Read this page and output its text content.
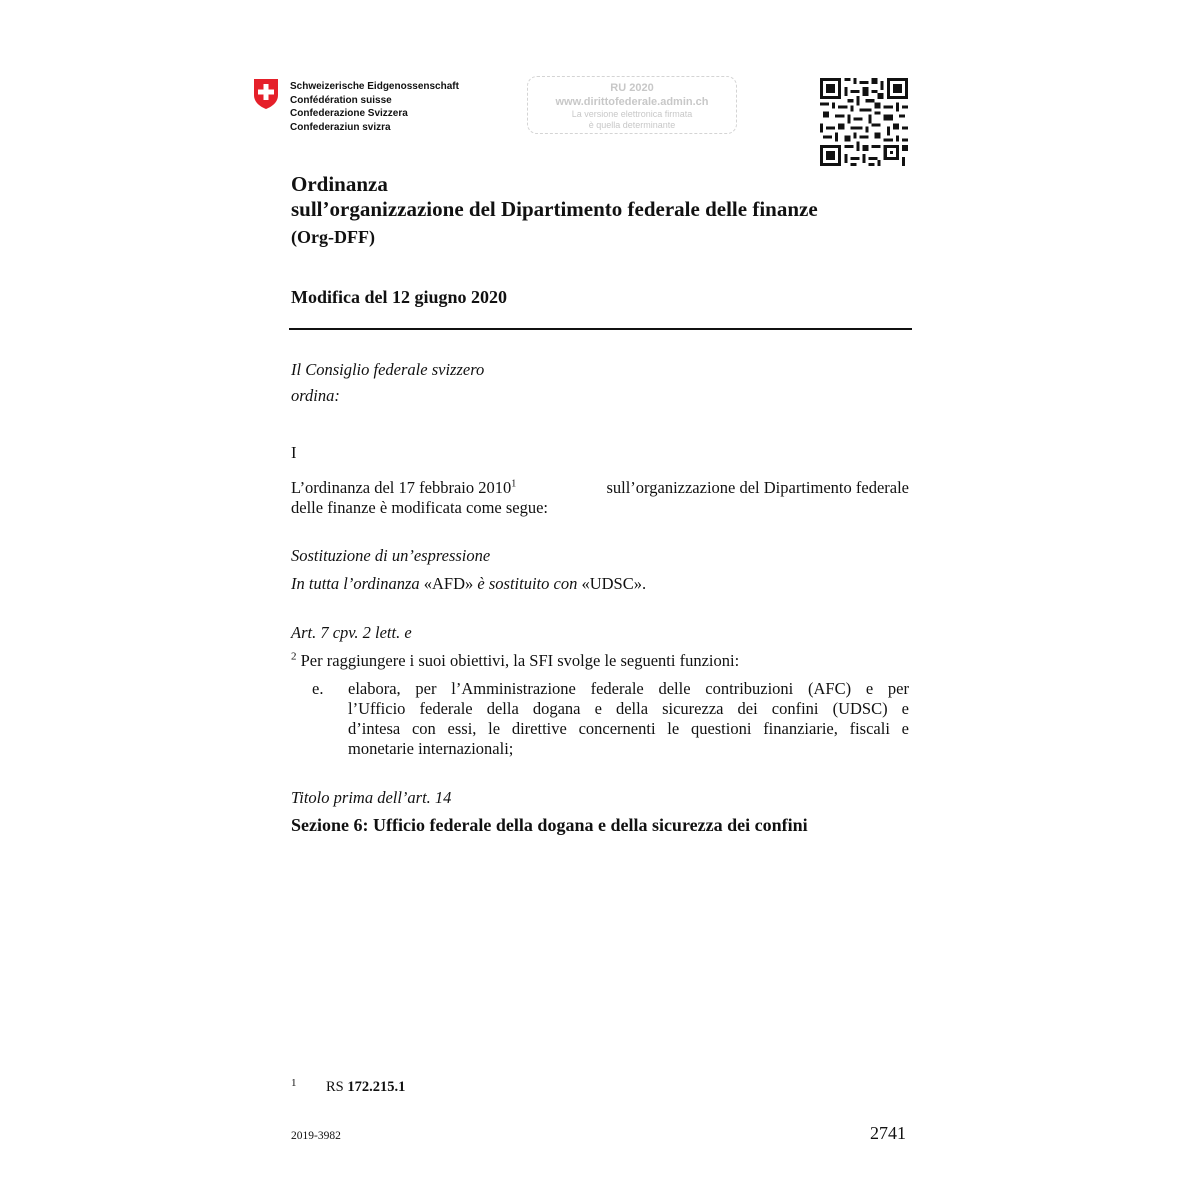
Schweizerische Eidgenossenschaft
Confédération suisse
Confederazione Svizzera
Confederaziun svizra
RU 2020
www.dirittofederale.admin.ch
La versione elettronica firmata
è quella determinante
Ordinanza
sull’organizzazione del Dipartimento federale delle finanze
(Org-DFF)
Modifica del 12 giugno 2020
Il Consiglio federale svizzero
ordina:
I
L’ordinanza del 17 febbraio 2010$^1$	sull’organizzazione del Dipartimento federale
delle finanze è modificata come segue:
Sostituzione di un’espressione
In tutta l’ordinanza «AFD» è sostituito con «UDSC».
Art. 7 cpv. 2 lett. e
$^2$ Per raggiungere i suoi obiettivi, la SFI svolge le seguenti funzioni:
e. elabora, per l’Amministrazione federale delle contribuzioni (AFC) e per
l’Ufficio federale della dogana e della sicurezza dei confini (UDSC) e
d’intesa con essi, le direttive concernenti le questioni finanziarie, fiscali e
monetarie internazionali;
Titolo prima dell’art. 14
Sezione 6: Ufficio federale della dogana e della sicurezza dei confini
1 RS 172.215.1
2019-3982	2741
